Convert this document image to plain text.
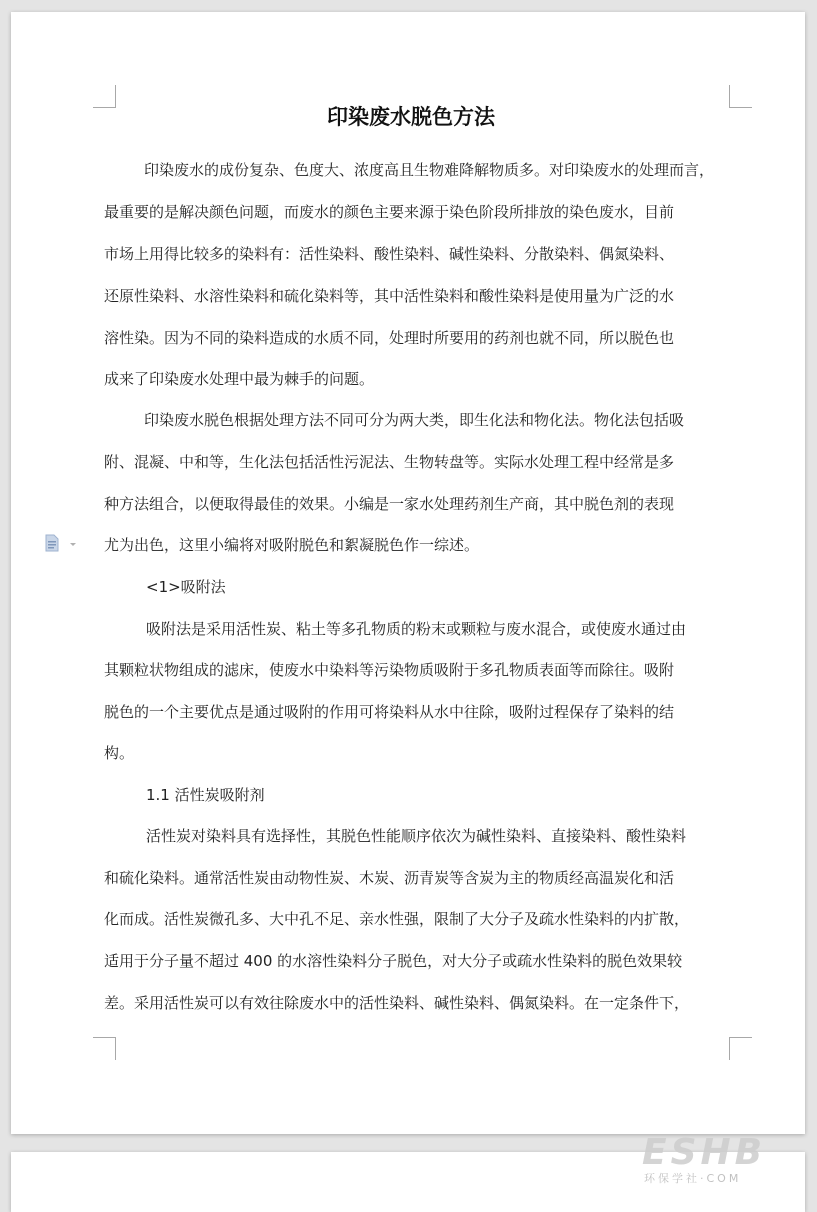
印染废水脱色方法
印染废水的成份复杂、色度大、浓度高且生物难降解物质多。对印染废水的处理而言，
最重要的是解决颜色问题，而废水的颜色主要来源于染色阶段所排放的染色废水，目前
市场上用得比较多的染料有：活性染料、酸性染料、碱性染料、分散染料、偶氮染料、
还原性染料、水溶性染料和硫化染料等，其中活性染料和酸性染料是使用量为广泛的水
溶性染。因为不同的染料造成的水质不同，处理时所要用的药剂也就不同，所以脱色也
成来了印染废水处理中最为棘手的问题。
印染废水脱色根据处理方法不同可分为两大类，即生化法和物化法。物化法包括吸
附、混凝、中和等，生化法包括活性污泥法、生物转盘等。实际水处理工程中经常是多
种方法组合，以便取得最佳的效果。小编是一家水处理药剂生产商，其中脱色剂的表现
尤为出色，这里小编将对吸附脱色和絮凝脱色作一综述。
<1>吸附法
吸附法是采用活性炭、粘土等多孔物质的粉末或颗粒与废水混合，或使废水通过由
其颗粒状物组成的滤床，使废水中染料等污染物质吸附于多孔物质表面等而除往。吸附
脱色的一个主要优点是通过吸附的作用可将染料从水中往除，吸附过程保存了染料的结
构。
1.1 活性炭吸附剂
活性炭对染料具有选择性，其脱色性能顺序依次为碱性染料、直接染料、酸性染料
和硫化染料。通常活性炭由动物性炭、木炭、沥青炭等含炭为主的物质经高温炭化和活
化而成。活性炭微孔多、大中孔不足、亲水性强，限制了大分子及疏水性染料的内扩散，
适用于分子量不超过 400 的水溶性染料分子脱色，对大分子或疏水性染料的脱色效果较
差。采用活性炭可以有效往除废水中的活性染料、碱性染料、偶氮染料。在一定条件下，
ESHB
环保学社·COM
